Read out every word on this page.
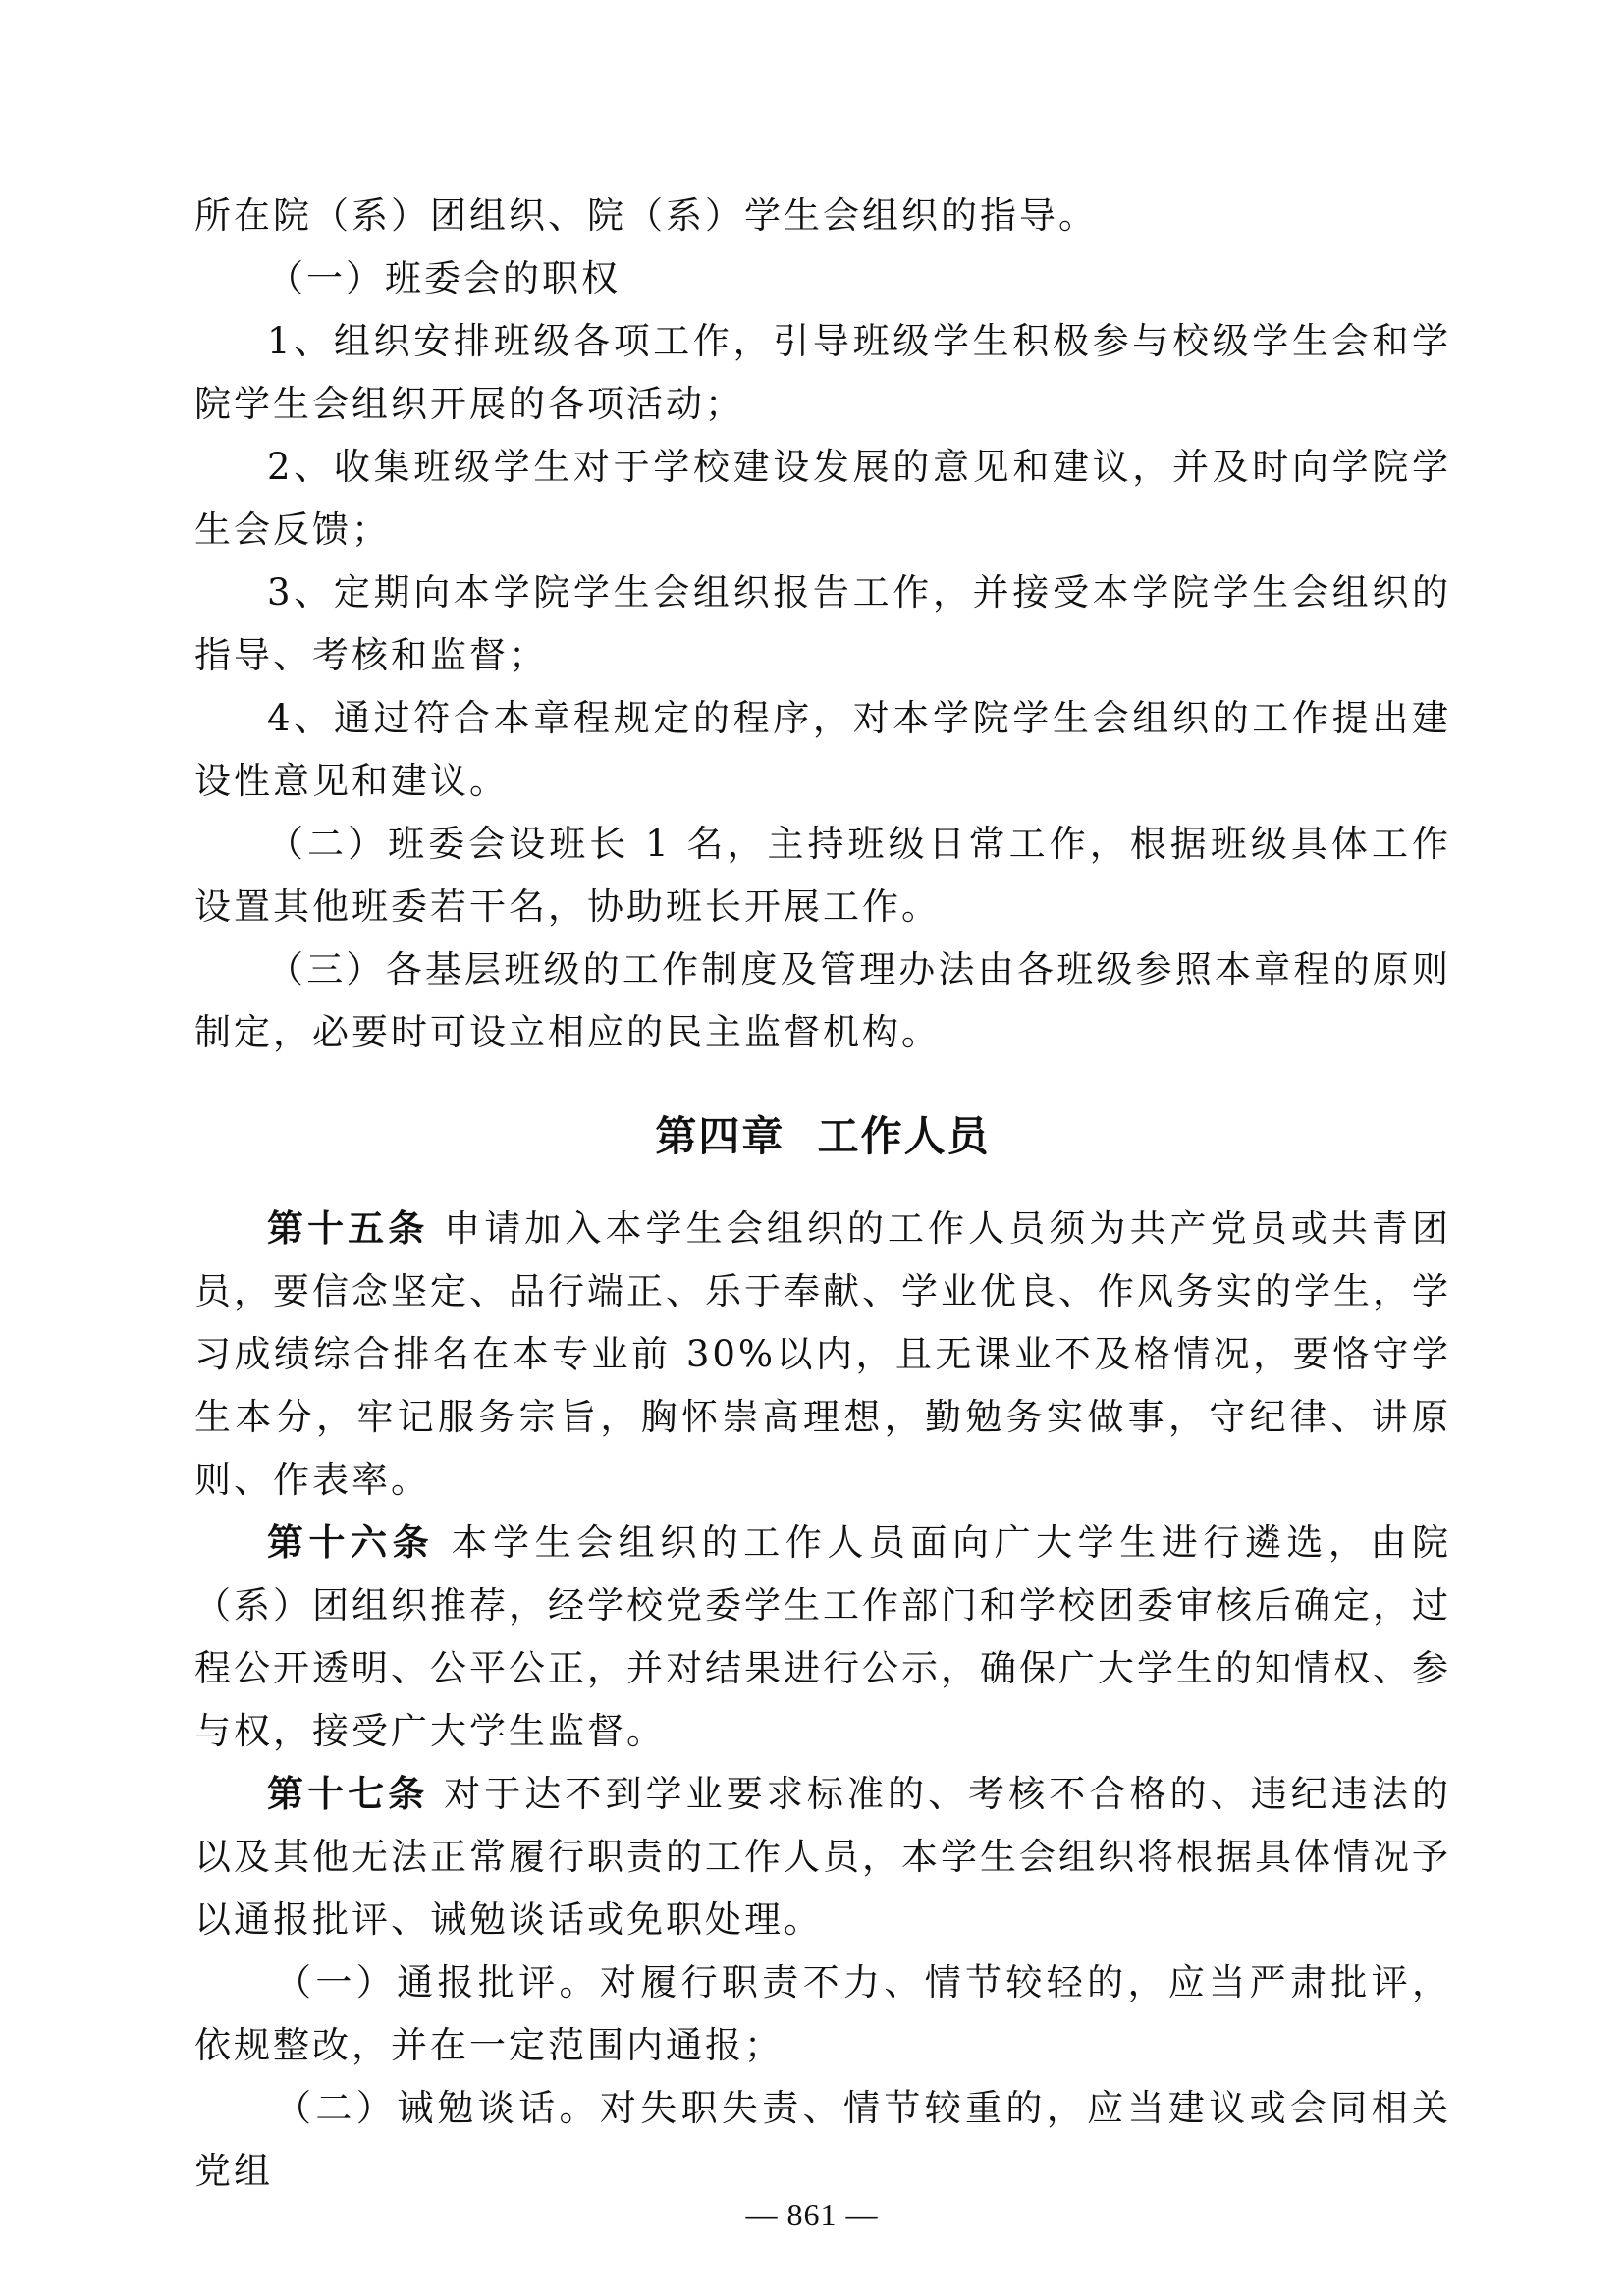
所在院（系）团组织、院（系）学生会组织的指导。

（一）班委会的职权

1、组织安排班级各项工作，引导班级学生积极参与校级学生会和学院学生会组织开展的各项活动；

2、收集班级学生对于学校建设发展的意见和建议，并及时向学院学生会反馈；

3、定期向本学院学生会组织报告工作，并接受本学院学生会组织的指导、考核和监督；

4、通过符合本章程规定的程序，对本学院学生会组织的工作提出建设性意见和建议。

（二）班委会设班长 1 名，主持班级日常工作，根据班级具体工作设置其他班委若干名，协助班长开展工作。

（三）各基层班级的工作制度及管理办法由各班级参照本章程的原则制定，必要时可设立相应的民主监督机构。

第四章  工作人员

第十五条 申请加入本学生会组织的工作人员须为共产党员或共青团员，要信念坚定、品行端正、乐于奉献、学业优良、作风务实的学生，学习成绩综合排名在本专业前 30%以内，且无课业不及格情况，要恪守学生本分，牢记服务宗旨，胸怀崇高理想，勤勉务实做事，守纪律、讲原则、作表率。

第十六条 本学生会组织的工作人员面向广大学生进行遴选，由院（系）团组织推荐，经学校党委学生工作部门和学校团委审核后确定，过程公开透明、公平公正，并对结果进行公示，确保广大学生的知情权、参与权，接受广大学生监督。

第十七条 对于达不到学业要求标准的、考核不合格的、违纪违法的以及其他无法正常履行职责的工作人员，本学生会组织将根据具体情况予以通报批评、诫勉谈话或免职处理。

（一）通报批评。对履行职责不力、情节较轻的，应当严肃批评，依规整改，并在一定范围内通报；

（二）诫勉谈话。对失职失责、情节较重的，应当建议或会同相关党组

— 861 —
